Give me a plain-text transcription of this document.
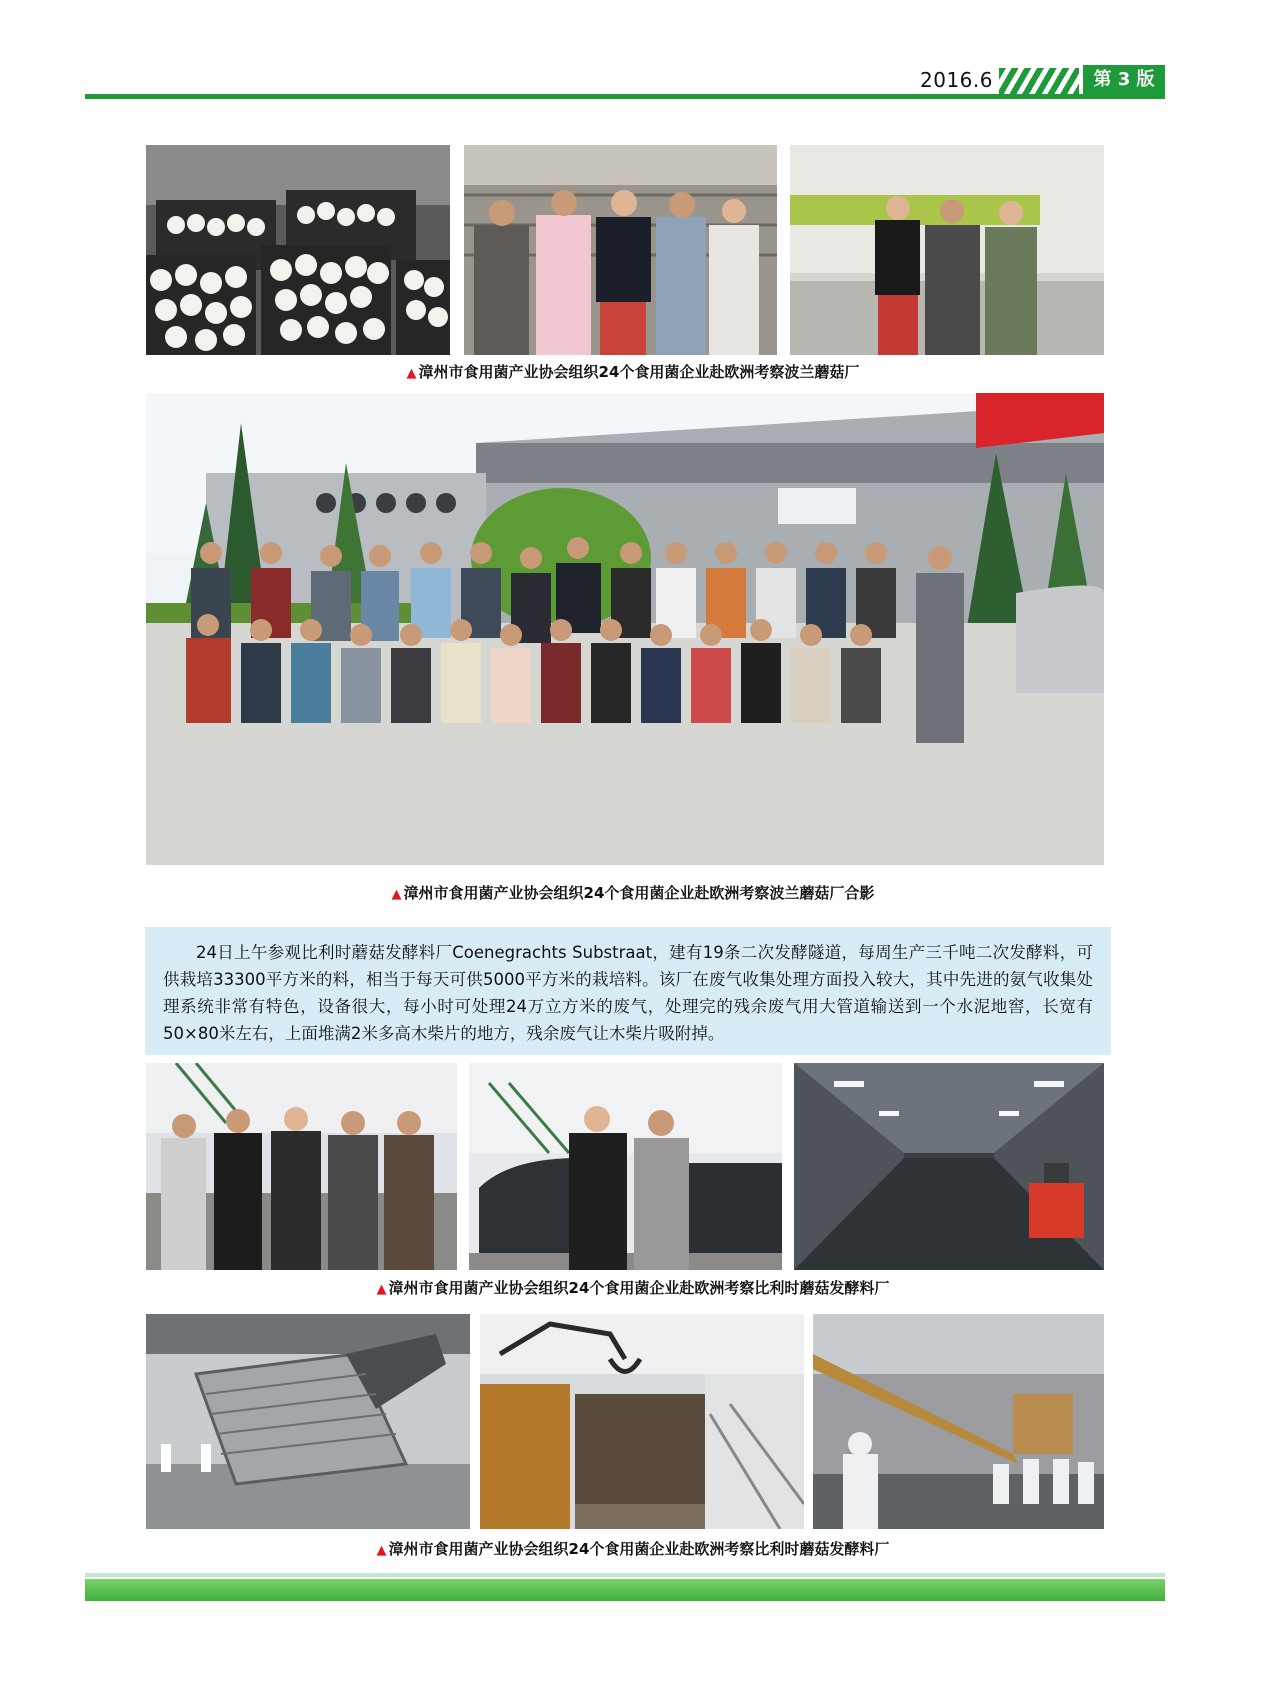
2016.6	第 3 版
▲ 漳州市食用菌产业协会组织24个食用菌企业赴欧洲考察波兰蘑菇厂
▲ 漳州市食用菌产业协会组织24个食用菌企业赴欧洲考察波兰蘑菇厂合影

24日上午参观比利时蘑菇发酵料厂Coenegrachts Substraat，建有19条二次发酵隧道，每周生产三千吨二次发酵料，可供栽培33300平方米的料，相当于每天可供5000平方米的栽培料。该厂在废气收集处理方面投入较大，其中先进的氨气收集处理系统非常有特色，设备很大，每小时可处理24万立方米的废气，处理完的残余废气用大管道输送到一个水泥地窖，长宽有50×80米左右，上面堆满2米多高木柴片的地方，残余废气让木柴片吸附掉。

▲ 漳州市食用菌产业协会组织24个食用菌企业赴欧洲考察比利时蘑菇发酵料厂
▲ 漳州市食用菌产业协会组织24个食用菌企业赴欧洲考察比利时蘑菇发酵料厂
